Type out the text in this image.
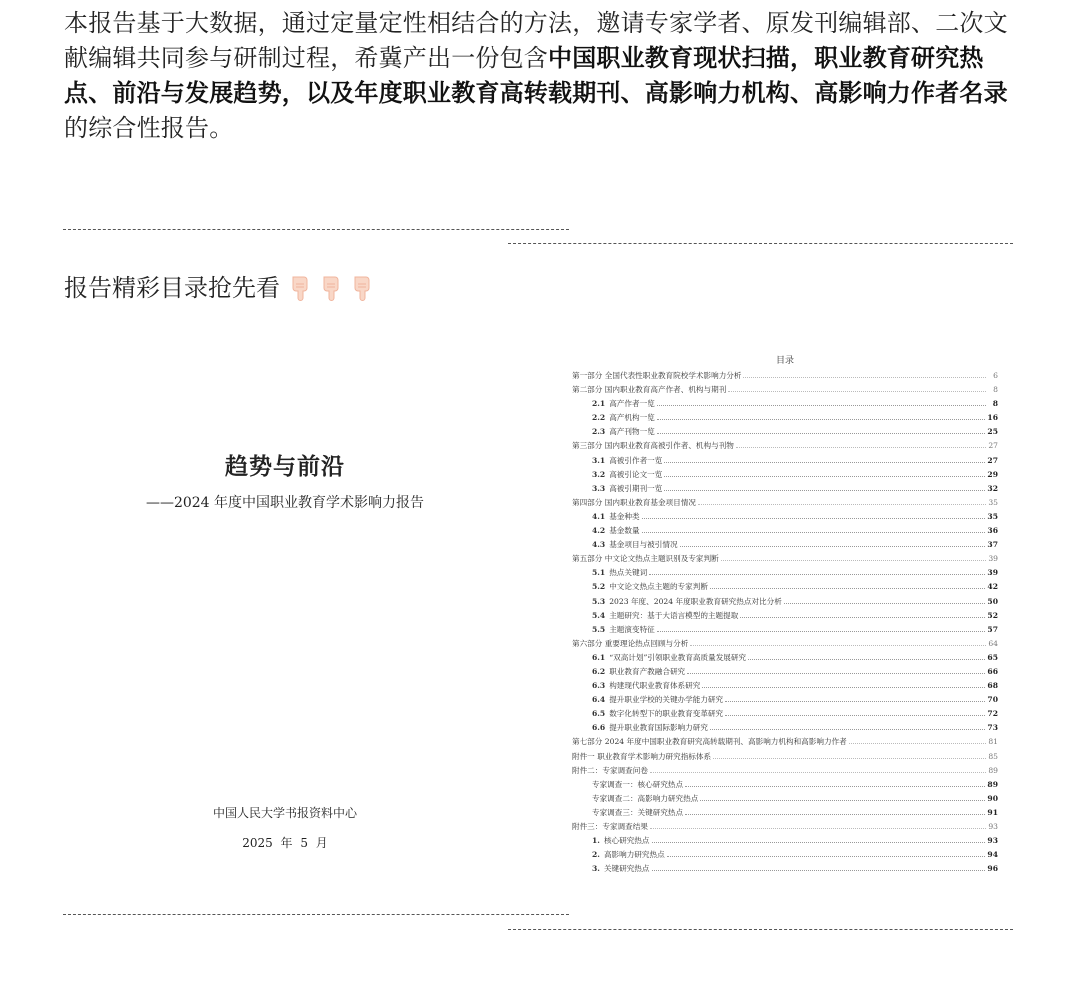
本报告基于大数据，通过定量定性相结合的方法，邀请专家学者、原发刊编辑部、二次文献编辑共同参与研制过程，希冀产出一份包含中国职业教育现状扫描，职业教育研究热点、前沿与发展趋势，以及年度职业教育高转载期刊、高影响力机构、高影响力作者名录的综合性报告。
报告精彩目录抢先看
趋势与前沿
——2024 年度中国职业教育学术影响力报告
中国人民大学书报资料中心
2025 年 5 月
目录
第一部分 全国代表性职业教育院校学术影响力分析	6
第二部分 国内职业教育高产作者、机构与期刊	8
2.1 高产作者一览	8
2.2 高产机构一览	16
2.3 高产刊物一览	25
第三部分 国内职业教育高被引作者、机构与刊物	27
3.1 高被引作者一览	27
3.2 高被引论文一览	29
3.3 高被引期刊一览	32
第四部分 国内职业教育基金项目情况	35
4.1 基金种类	35
4.2 基金数量	36
4.3 基金项目与被引情况	37
第五部分 中文论文热点主题识别及专家判断	39
5.1 热点关键词	39
5.2 中文论文热点主题的专家判断	42
5.3 2023 年度、2024 年度职业教育研究热点对比分析	50
5.4 主题研究：基于大语言模型的主题提取	52
5.5 主题演变特征	57
第六部分 重要理论热点回顾与分析	64
6.1 “双高计划”引领职业教育高质量发展研究	65
6.2 职业教育产教融合研究	66
6.3 构建现代职业教育体系研究	68
6.4 提升职业学校的关键办学能力研究	70
6.5 数字化转型下的职业教育变革研究	72
6.6 提升职业教育国际影响力研究	73
第七部分 2024 年度中国职业教育研究高转载期刊、高影响力机构和高影响力作者	81
附件一 职业教育学术影响力研究指标体系	85
附件二：专家调查问卷	89
专家调查一：核心研究热点	89
专家调查二：高影响力研究热点	90
专家调查三：关键研究热点	91
附件三：专家调查结果	93
1. 核心研究热点	93
2. 高影响力研究热点	94
3. 关键研究热点	96
